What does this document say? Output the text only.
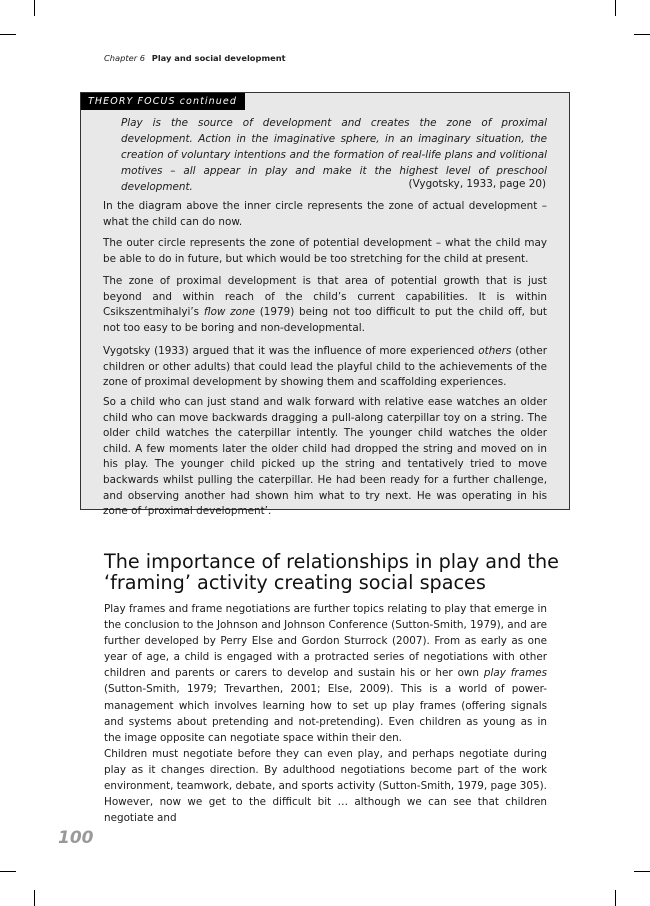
Chapter 6 Play and social development
THEORY FOCUS continued
Play is the source of development and creates the zone of proximal development. Action in the imaginative sphere, in an imaginary situation, the creation of voluntary intentions and the formation of real-life plans and volitional motives – all appear in play and make it the highest level of preschool development.	(Vygotsky, 1933, page 20)

In the diagram above the inner circle represents the zone of actual development – what the child can do now.

The outer circle represents the zone of potential development – what the child may be able to do in future, but which would be too stretching for the child at present.

The zone of proximal development is that area of potential growth that is just beyond and within reach of the child’s current capabilities. It is within Csikszentmihalyi’s flow zone (1979) being not too difficult to put the child off, but not too easy to be boring and non-developmental.

Vygotsky (1933) argued that it was the influence of more experienced others (other children or other adults) that could lead the playful child to the achievements of the zone of proximal development by showing them and scaffolding experiences.

So a child who can just stand and walk forward with relative ease watches an older child who can move backwards dragging a pull-along caterpillar toy on a string. The older child watches the caterpillar intently. The younger child watches the older child. A few moments later the older child had dropped the string and moved on in his play. The younger child picked up the string and tentatively tried to move backwards whilst pulling the caterpillar. He had been ready for a further challenge, and observing another had shown him what to try next. He was operating in his zone of ‘proximal development’.

The importance of relationships in play and the
‘framing’ activity creating social spaces

Play frames and frame negotiations are further topics relating to play that emerge in the conclusion to the Johnson and Johnson Conference (Sutton-Smith, 1979), and are further developed by Perry Else and Gordon Sturrock (2007). From as early as one year of age, a child is engaged with a protracted series of negotiations with other children and parents or carers to develop and sustain his or her own play frames (Sutton-Smith, 1979; Trevarthen, 2001; Else, 2009). This is a world of power-management which involves learning how to set up play frames (offering signals and systems about pretending and not-pretending). Even children as young as in the image opposite can negotiate space within their den.

Children must negotiate before they can even play, and perhaps negotiate during play as it changes direction. By adulthood negotiations become part of the work environment, teamwork, debate, and sports activity (Sutton-Smith, 1979, page 305). However, now we get to the difficult bit … although we can see that children negotiate and

100
